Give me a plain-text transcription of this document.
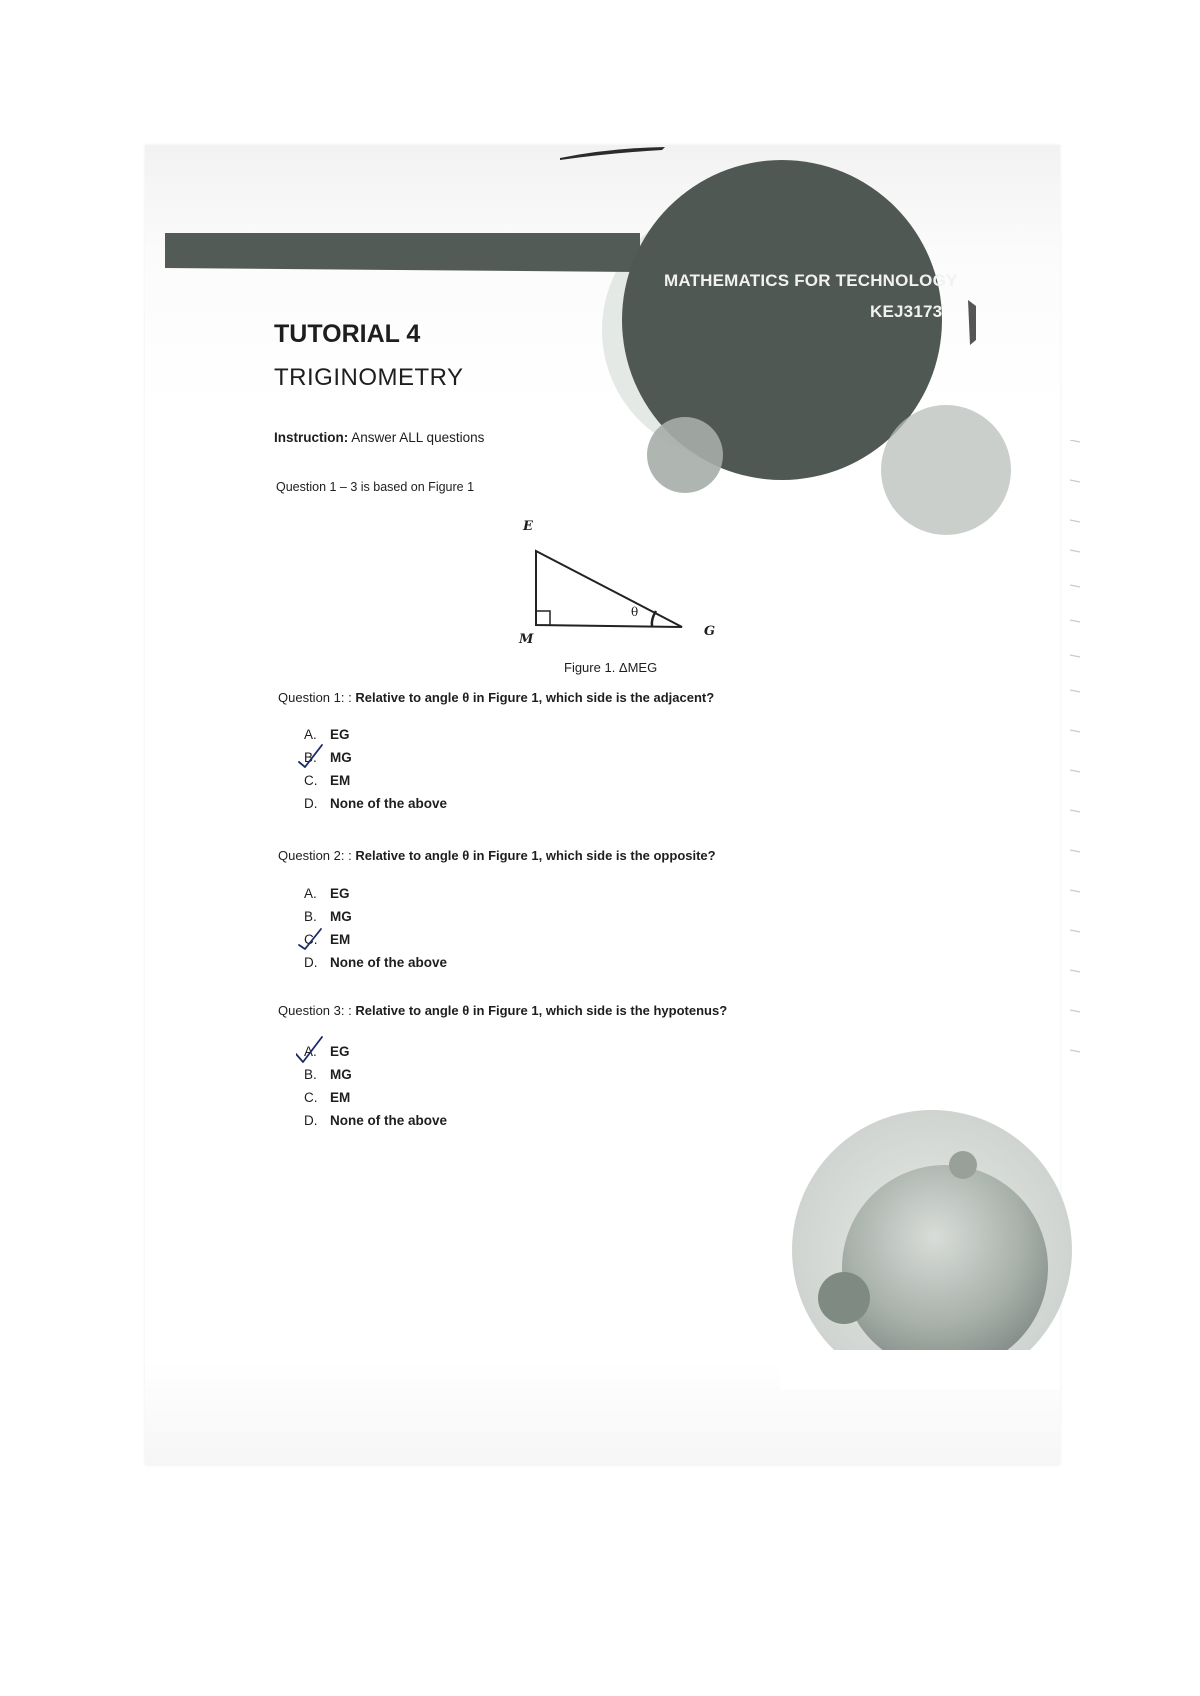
MATHEMATICS FOR TECHNOLOGY
KEJ3173
TUTORIAL 4
TRIGINOMETRY
Instruction: Answer ALL questions
Question 1 – 3 is based on Figure 1
E
M
G
θ
Figure 1. ΔMEG
Question 1: : Relative to angle θ in Figure 1, which side is the adjacent?
A. EG
B. MG
C. EM
D. None of the above
Question 2: : Relative to angle θ in Figure 1, which side is the opposite?
A. EG
B. MG
C. EM
D. None of the above
Question 3: : Relative to angle θ in Figure 1, which side is the hypotenus?
A. EG
B. MG
C. EM
D. None of the above
